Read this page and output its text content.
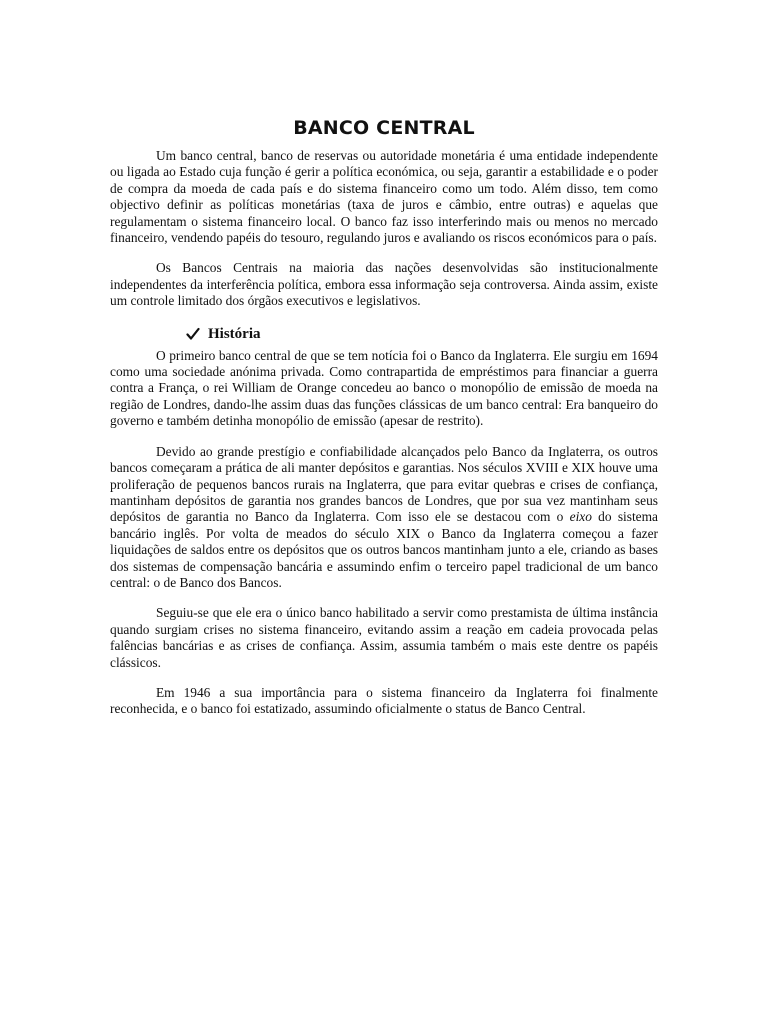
BANCO CENTRAL

Um banco central, banco de reservas ou autoridade monetária é uma entidade independente ou ligada ao Estado cuja função é gerir a política económica, ou seja, garantir a estabilidade e o poder de compra da moeda de cada país e do sistema financeiro como um todo. Além disso, tem como objectivo definir as políticas monetárias (taxa de juros e câmbio, entre outras) e aquelas que regulamentam o sistema financeiro local. O banco faz isso interferindo mais ou menos no mercado financeiro, vendendo papéis do tesouro, regulando juros e avaliando os riscos económicos para o país.

Os Bancos Centrais na maioria das nações desenvolvidas são institucionalmente independentes da interferência política, embora essa informação seja controversa. Ainda assim, existe um controle limitado dos órgãos executivos e legislativos.

História

O primeiro banco central de que se tem notícia foi o Banco da Inglaterra. Ele surgiu em 1694 como uma sociedade anónima privada. Como contrapartida de empréstimos para financiar a guerra contra a França, o rei William de Orange concedeu ao banco o monopólio de emissão de moeda na região de Londres, dando-lhe assim duas das funções clássicas de um banco central: Era banqueiro do governo e também detinha monopólio de emissão (apesar de restrito).

Devido ao grande prestígio e confiabilidade alcançados pelo Banco da Inglaterra, os outros bancos começaram a prática de ali manter depósitos e garantias. Nos séculos XVIII e XIX houve uma proliferação de pequenos bancos rurais na Inglaterra, que para evitar quebras e crises de confiança, mantinham depósitos de garantia nos grandes bancos de Londres, que por sua vez mantinham seus depósitos de garantia no Banco da Inglaterra. Com isso ele se destacou com o eixo do sistema bancário inglês. Por volta de meados do século XIX o Banco da Inglaterra começou a fazer liquidações de saldos entre os depósitos que os outros bancos mantinham junto a ele, criando as bases dos sistemas de compensação bancária e assumindo enfim o terceiro papel tradicional de um banco central: o de Banco dos Bancos.

Seguiu-se que ele era o único banco habilitado a servir como prestamista de última instância quando surgiam crises no sistema financeiro, evitando assim a reação em cadeia provocada pelas falências bancárias e as crises de confiança. Assim, assumia também o mais este dentre os papéis clássicos.

Em 1946 a sua importância para o sistema financeiro da Inglaterra foi finalmente reconhecida, e o banco foi estatizado, assumindo oficialmente o status de Banco Central.
